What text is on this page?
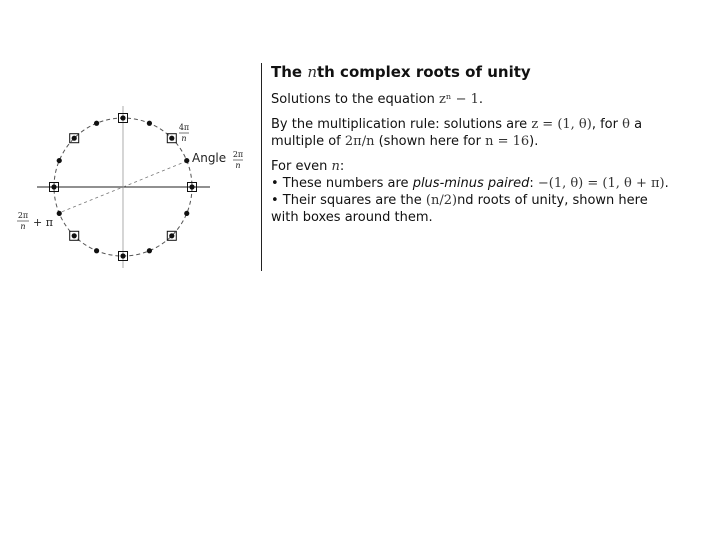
4π
n
Angle 2π
n
2π
n + π
The nth complex roots of unity
Solutions to the equation zⁿ − 1.
By the multiplication rule: solutions are z = (1, θ), for θ a
multiple of 2π/n (shown here for n = 16).
For even n:
• These numbers are plus-minus paired: −(1, θ) = (1, θ + π).
• Their squares are the (n/2)nd roots of unity, shown here
with boxes around them.
